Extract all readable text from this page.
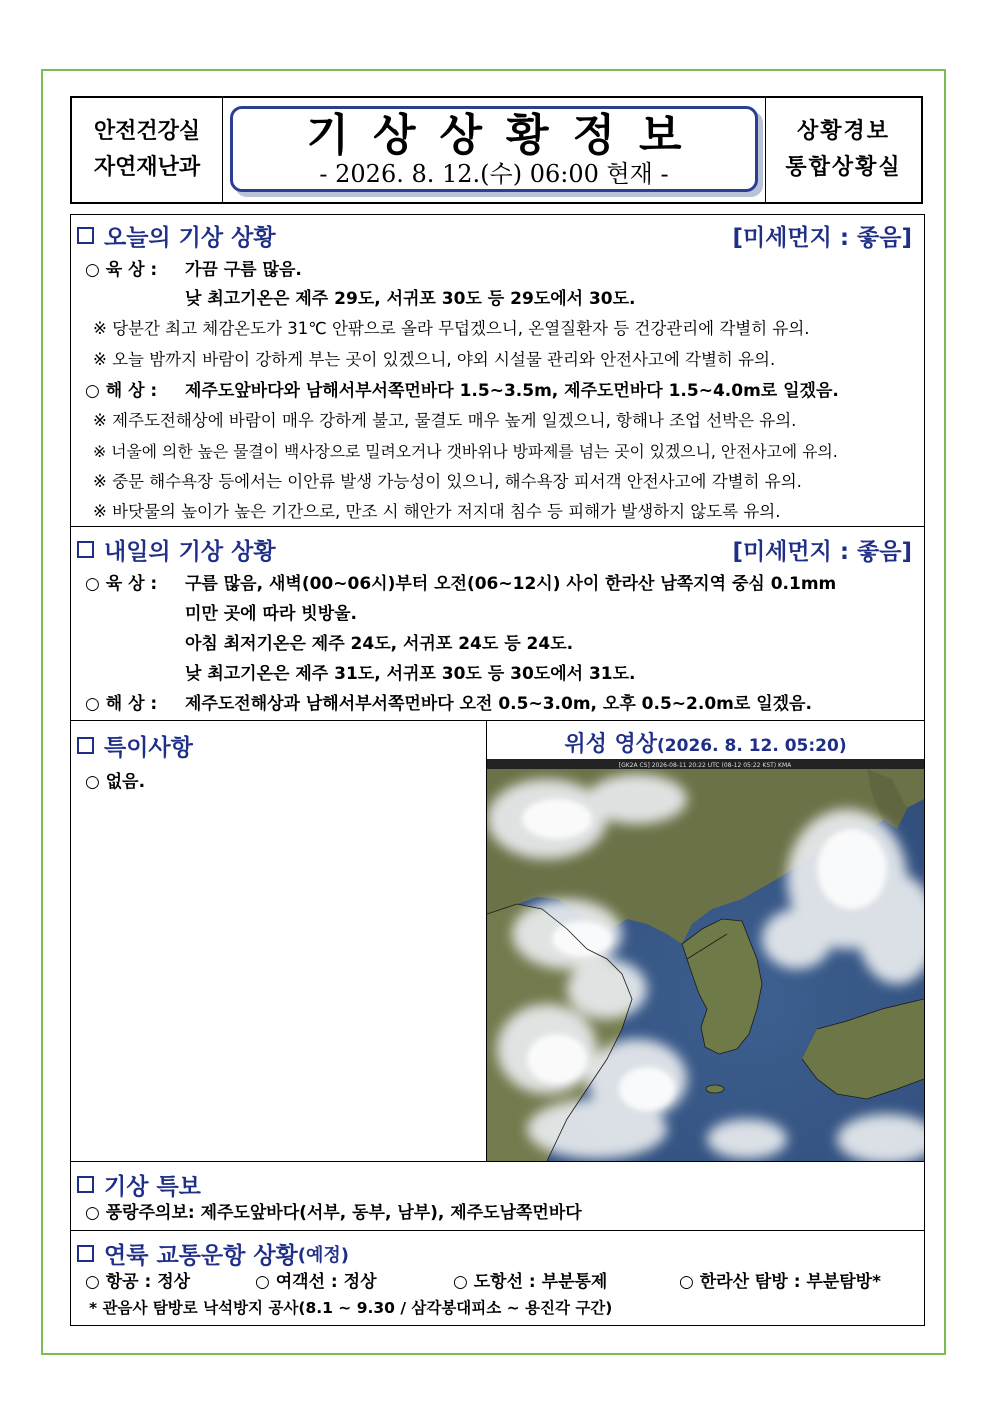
안전건강실
자연재난과
기상상황정보
- 2026. 8. 12.(수) 06:00 현재 -
상황경보
통합상황실
오늘의 기상 상황	[미세먼지 : 좋음]
○ 육 상 : 가끔 구름 많음.
낮 최고기온은 제주 29도, 서귀포 30도 등 29도에서 30도.
※ 당분간 최고 체감온도가 31℃ 안팎으로 올라 무덥겠으니, 온열질환자 등 건강관리에 각별히 유의.
※ 오늘 밤까지 바람이 강하게 부는 곳이 있겠으니, 야외 시설물 관리와 안전사고에 각별히 유의.
○ 해 상 : 제주도앞바다와 남해서부서쪽먼바다 1.5~3.5m, 제주도먼바다 1.5~4.0m로 일겠음.
※ 제주도전해상에 바람이 매우 강하게 불고, 물결도 매우 높게 일겠으니, 항해나 조업 선박은 유의.
※ 너울에 의한 높은 물결이 백사장으로 밀려오거나 갯바위나 방파제를 넘는 곳이 있겠으니, 안전사고에 유의.
※ 중문 해수욕장 등에서는 이안류 발생 가능성이 있으니, 해수욕장 피서객 안전사고에 각별히 유의.
※ 바닷물의 높이가 높은 기간으로, 만조 시 해안가 저지대 침수 등 피해가 발생하지 않도록 유의.
내일의 기상 상황	[미세먼지 : 좋음]
○ 육 상 : 구름 많음, 새벽(00~06시)부터 오전(06~12시) 사이 한라산 남쪽지역 중심 0.1mm
미만 곳에 따라 빗방울.
아침 최저기온은 제주 24도, 서귀포 24도 등 24도.
낮 최고기온은 제주 31도, 서귀포 30도 등 30도에서 31도.
○ 해 상 : 제주도전해상과 남해서부서쪽먼바다 오전 0.5~3.0m, 오후 0.5~2.0m로 일겠음.
특이사항
○ 없음.
위성 영상(2026. 8. 12. 05:20)
[GK2A CS] 2026-08-11 20:22 UTC (08-12 05:22 KST) KMA
기상 특보
○ 풍랑주의보: 제주도앞바다(서부, 동부, 남부), 제주도남쪽먼바다
연륙 교통운항 상황 (예정)
○ 항공 : 정상	○ 여객선 : 정상	○ 도항선 : 부분통제	○ 한라산 탐방 : 부분탐방*
* 관음사 탐방로 낙석방지 공사(8.1 ~ 9.30 / 삼각봉대피소 ~ 용진각 구간)
